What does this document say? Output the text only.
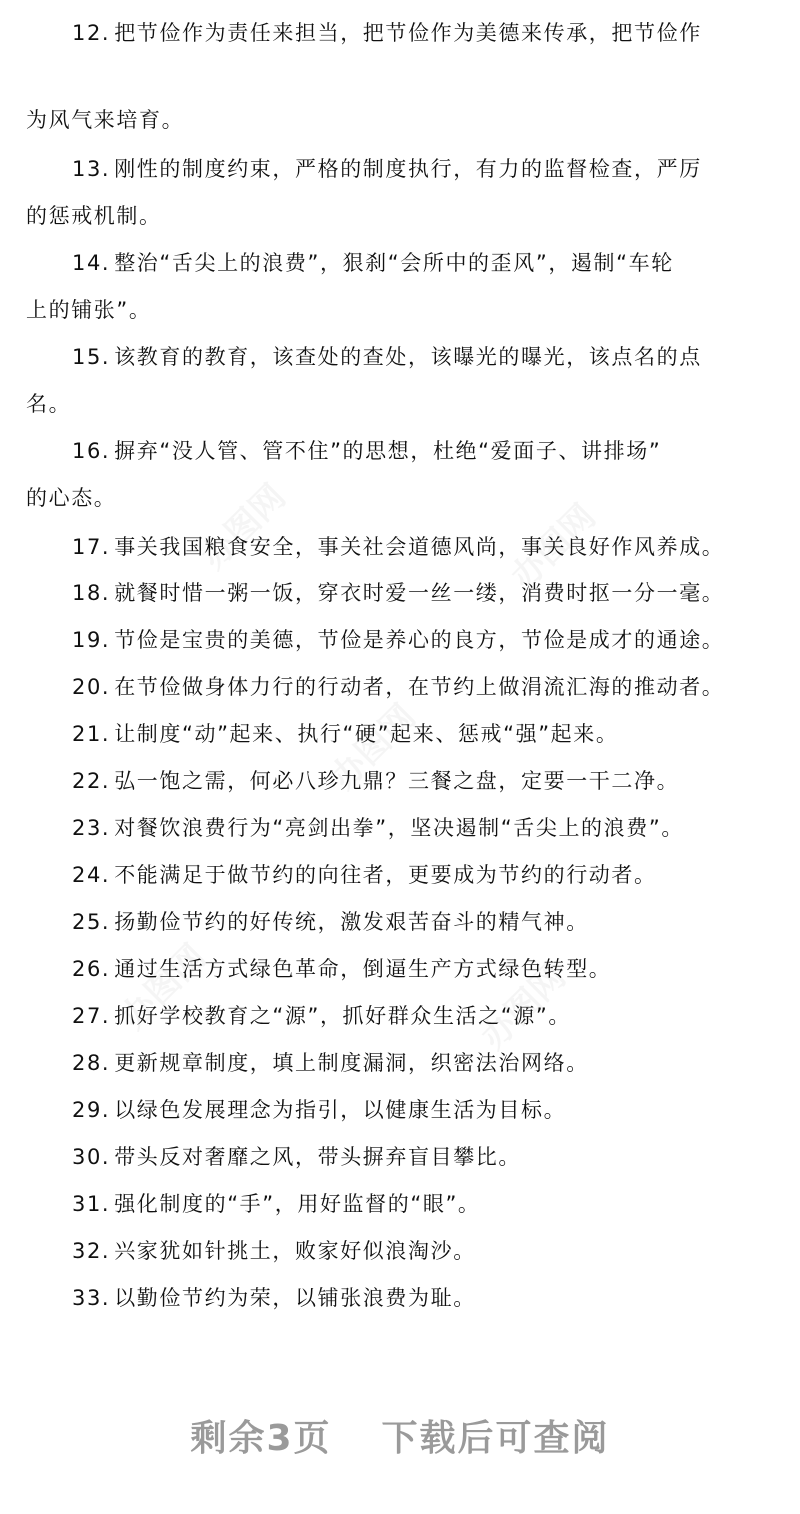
办图网	办图网
办图网
办图网	办图网
12. 把节俭作为责任来担当，把节俭作为美德来传承，把节俭作
为风气来培育。
13. 刚性的制度约束，严格的制度执行，有力的监督检查，严厉
的惩戒机制。
14. 整治“舌尖上的浪费”，狠刹“会所中的歪风”，遏制“车轮
上的铺张”。
15. 该教育的教育，该查处的查处，该曝光的曝光，该点名的点
名。
16. 摒弃“没人管、管不住”的思想，杜绝“爱面子、讲排场”
的心态。
17. 事关我国粮食安全，事关社会道德风尚，事关良好作风养成。
18. 就餐时惜一粥一饭，穿衣时爱一丝一缕，消费时抠一分一毫。
19. 节俭是宝贵的美德，节俭是养心的良方，节俭是成才的通途。
20. 在节俭做身体力行的行动者，在节约上做涓流汇海的推动者。
21. 让制度“动”起来、执行“硬”起来、惩戒“强”起来。
22. 弘一饱之需，何必八珍九鼎？三餐之盘，定要一干二净。
23. 对餐饮浪费行为“亮剑出拳”，坚决遏制“舌尖上的浪费”。
24. 不能满足于做节约的向往者，更要成为节约的行动者。
25. 扬勤俭节约的好传统，激发艰苦奋斗的精气神。
26. 通过生活方式绿色革命，倒逼生产方式绿色转型。
27. 抓好学校教育之“源”，抓好群众生活之“源”。
28. 更新规章制度，填上制度漏洞，织密法治网络。
29. 以绿色发展理念为指引，以健康生活为目标。
30. 带头反对奢靡之风，带头摒弃盲目攀比。
31. 强化制度的“手”，用好监督的“眼”。
32. 兴家犹如针挑土，败家好似浪淘沙。
33. 以勤俭节约为荣，以铺张浪费为耻。
剩余3页 下载后可查阅
